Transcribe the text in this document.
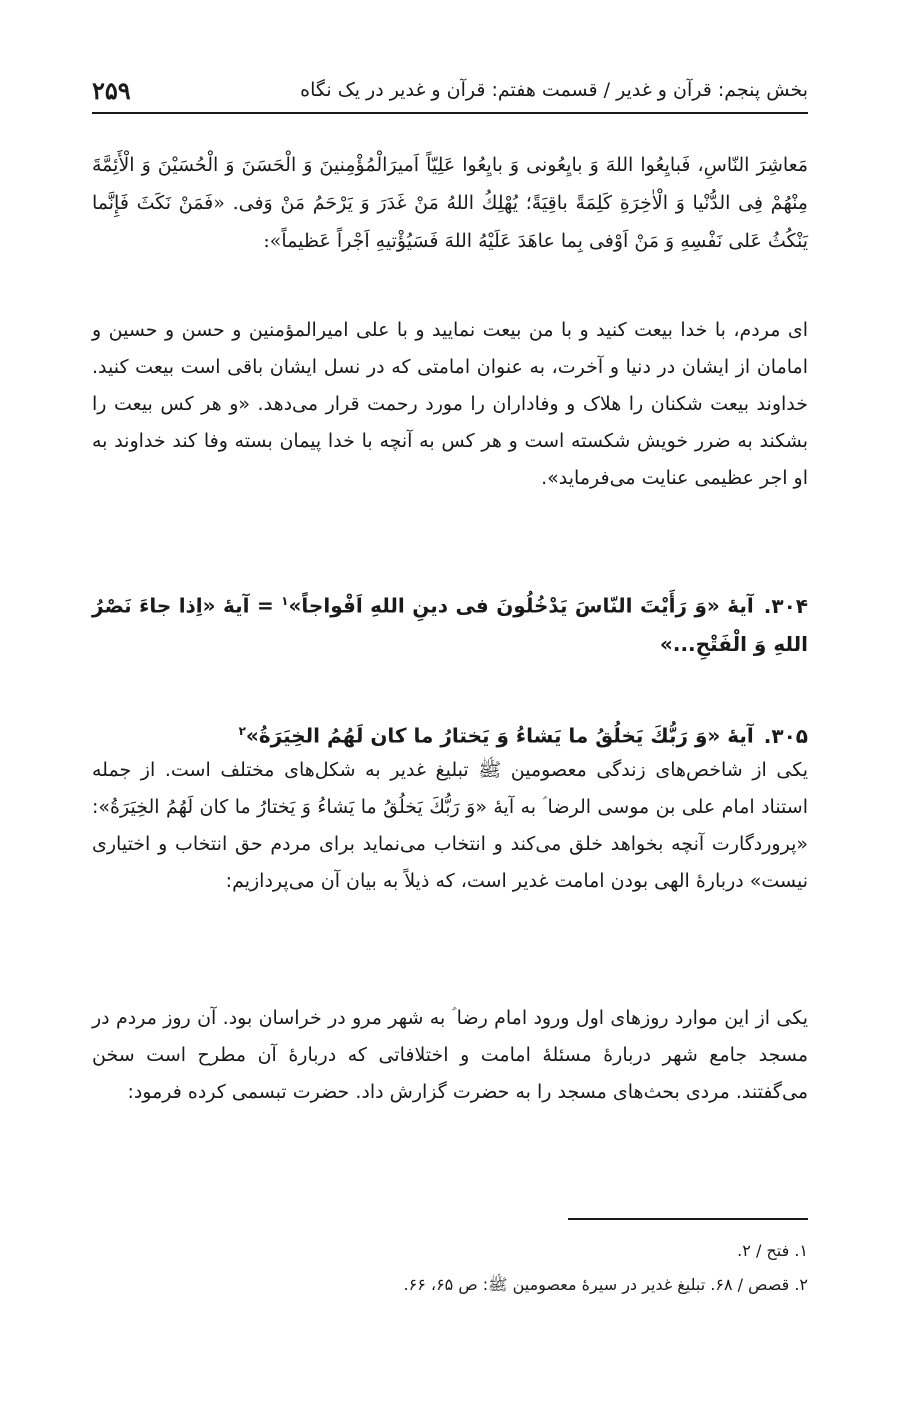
بخش پنجم: قرآن و غدیر / قسمت هفتم: قرآن و غدیر در یک نگاه
۲۵۹
مَعاشِرَ النّاسِ، فَبايِعُوا اللهَ وَ بايِعُونى وَ بايِعُوا عَلِيّاً اَميرَالْمُؤْمِنينَ وَ الْحَسَنَ وَ الْحُسَيْنَ وَ الْأَئِمَّةَ مِنْهُمْ فِى الدُّنْيا وَ الْاٰخِرَةِ كَلِمَةً باقِيَةً؛ يُهْلِكُ اللهُ مَنْ غَدَرَ وَ يَرْحَمُ مَنْ وَفى. «فَمَنْ نَكَثَ فَإِنَّما يَنْكُثُ عَلى نَفْسِهِ وَ مَنْ اَوْفى بِما عاهَدَ عَلَيْهُ اللهَ فَسَيُؤْتيهِ اَجْراً عَظيماً»:
ای مردم، با خدا بیعت کنید و با من بیعت نمایید و با علی امیرالمؤمنین و حسن و حسین و امامان از ایشان در دنیا و آخرت، به عنوان امامتی که در نسل ایشان باقی است بیعت کنید. خداوند بیعت شکنان را هلاک و وفاداران را مورد رحمت قرار می‌دهد. «و هر کس بیعت را بشکند به ضرر خویش شکسته است و هر کس به آنچه با خدا پیمان بسته وفا کند خداوند به او اجر عظیمی عنایت می‌فرماید».
۳۰۴.آیهٔ «وَ رَأَيْتَ النّاسَ يَدْخُلُونَ فى دينِ اللهِ اَفْواجاً»$^۱$ = آیهٔ «اِذا جاءَ نَصْرُ اللهِ وَ الْفَتْحِ...»
۳۰۵.آیهٔ «وَ رَبُّكَ يَخلُقُ ما يَشاءُ وَ يَختارُ ما كان لَهُمُ الخِيَرَةُ»$^۲$
یکی از شاخص‌های زندگی معصومین ﷺ تبلیغ غدیر به شکل‌های مختلف است. از جمله استناد امام علی بن موسی الرضا ؑ به آیهٔ «وَ رَبُّكَ يَخلُقُ ما يَشاءُ وَ يَختارُ ما كان لَهُمُ الخِيَرَةُ»: «پروردگارت آنچه بخواهد خلق می‌کند و انتخاب می‌نماید برای مردم حق انتخاب و اختیاری نیست» دربارهٔ الهی بودن امامت غدیر است، که ذیلاً به بیان آن می‌پردازیم:
یکی از این موارد روزهای اول ورود امام رضا ؑ به شهر مرو در خراسان بود. آن روز مردم در مسجد جامع شهر دربارهٔ مسئلهٔ امامت و اختلافاتی که دربارهٔ آن مطرح است سخن می‌گفتند. مردی بحث‌های مسجد را به حضرت گزارش داد. حضرت تبسمی کرده فرمود:
۱. فتح / ۲.
۲. قصص / ۶۸. تبلیغ غدیر در سیرهٔ معصومین ﷺ: ص ۶۵، ۶۶.
